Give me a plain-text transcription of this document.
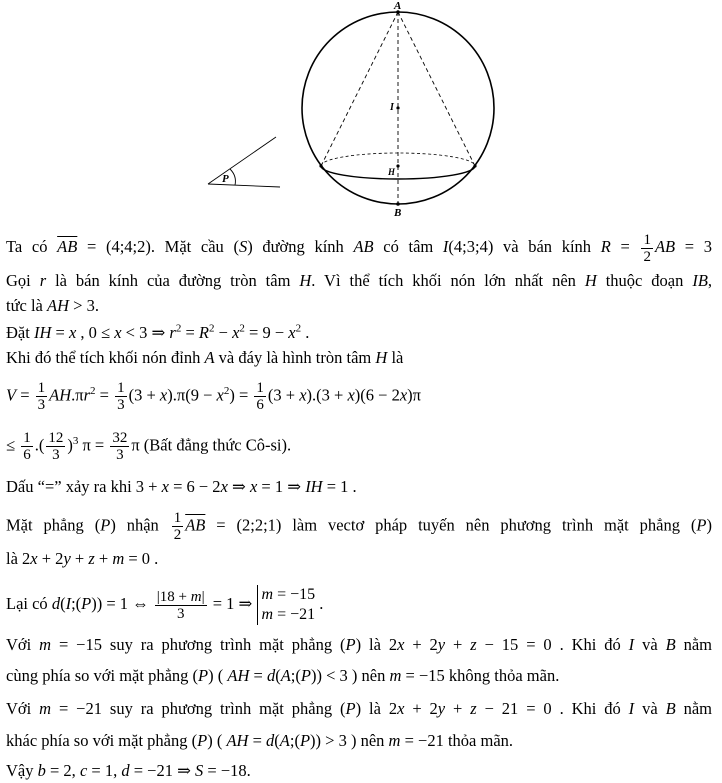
P
A
I
H
B
Ta có $\overline{AB}$ = (4;4;2). Mặt cầu (S) đường kính AB có tâm I(4;3;4) và bán kính $R = \frac{1}{2}$ AB = 3
Gọi r là bán kính của đường tròn tâm H. Vì thể tích khối nón lớn nhất nên H thuộc đoạn IB,
tức là AH > 3.
Đặt IH = x , 0 ≤ x < 3 ⇒ $r^2 = R^2 - x^2 = 9 - x^2$ .
Khi đó thể tích khối nón đỉnh A và đáy là hình tròn tâm H là
$V = \frac{1}{3} AH.\pi r^2 = \frac{1}{3} (3 + x).\pi(9 - x^2) = \frac{1}{6} (3 + x).(3 + x)(6 - 2x)\pi$
≤ $\frac{1}{6}$ .( $\frac{12}{3} )^3$ $\pi = \frac{32}{3}$ π (Bất đẳng thức Cô-si).
Dấu “=” xảy ra khi 3 + x = 6 − 2x ⇒ x = 1 ⇒ IH = 1 .
Mặt phẳng (P) nhận $\frac{1}{2} \overline{AB}$ = (2;2;1) làm vectơ pháp tuyến nên phương trình mặt phẳng (P)
là 2x + 2y + z + m = 0 .
Lại có d(I;(P)) = 1 ⇔ $\frac{|18 + m|}{3} = 1$ ⇒ m = −15
m = −21 .
Với m = −15 suy ra phương trình mặt phẳng (P) là 2x + 2y + z − 15 = 0 . Khi đó I và B nằm
cùng phía so với mặt phẳng (P) ( AH = d(A;(P)) < 3 ) nên m = −15 không thỏa mãn.
Với m = −21 suy ra phương trình mặt phẳng (P) là 2x + 2y + z − 21 = 0 . Khi đó I và B nằm
khác phía so với mặt phẳng (P) ( AH = d(A;(P)) > 3 ) nên m = −21 thỏa mãn.
Vậy b = 2, c = 1, d = −21 ⇒ S = −18.
